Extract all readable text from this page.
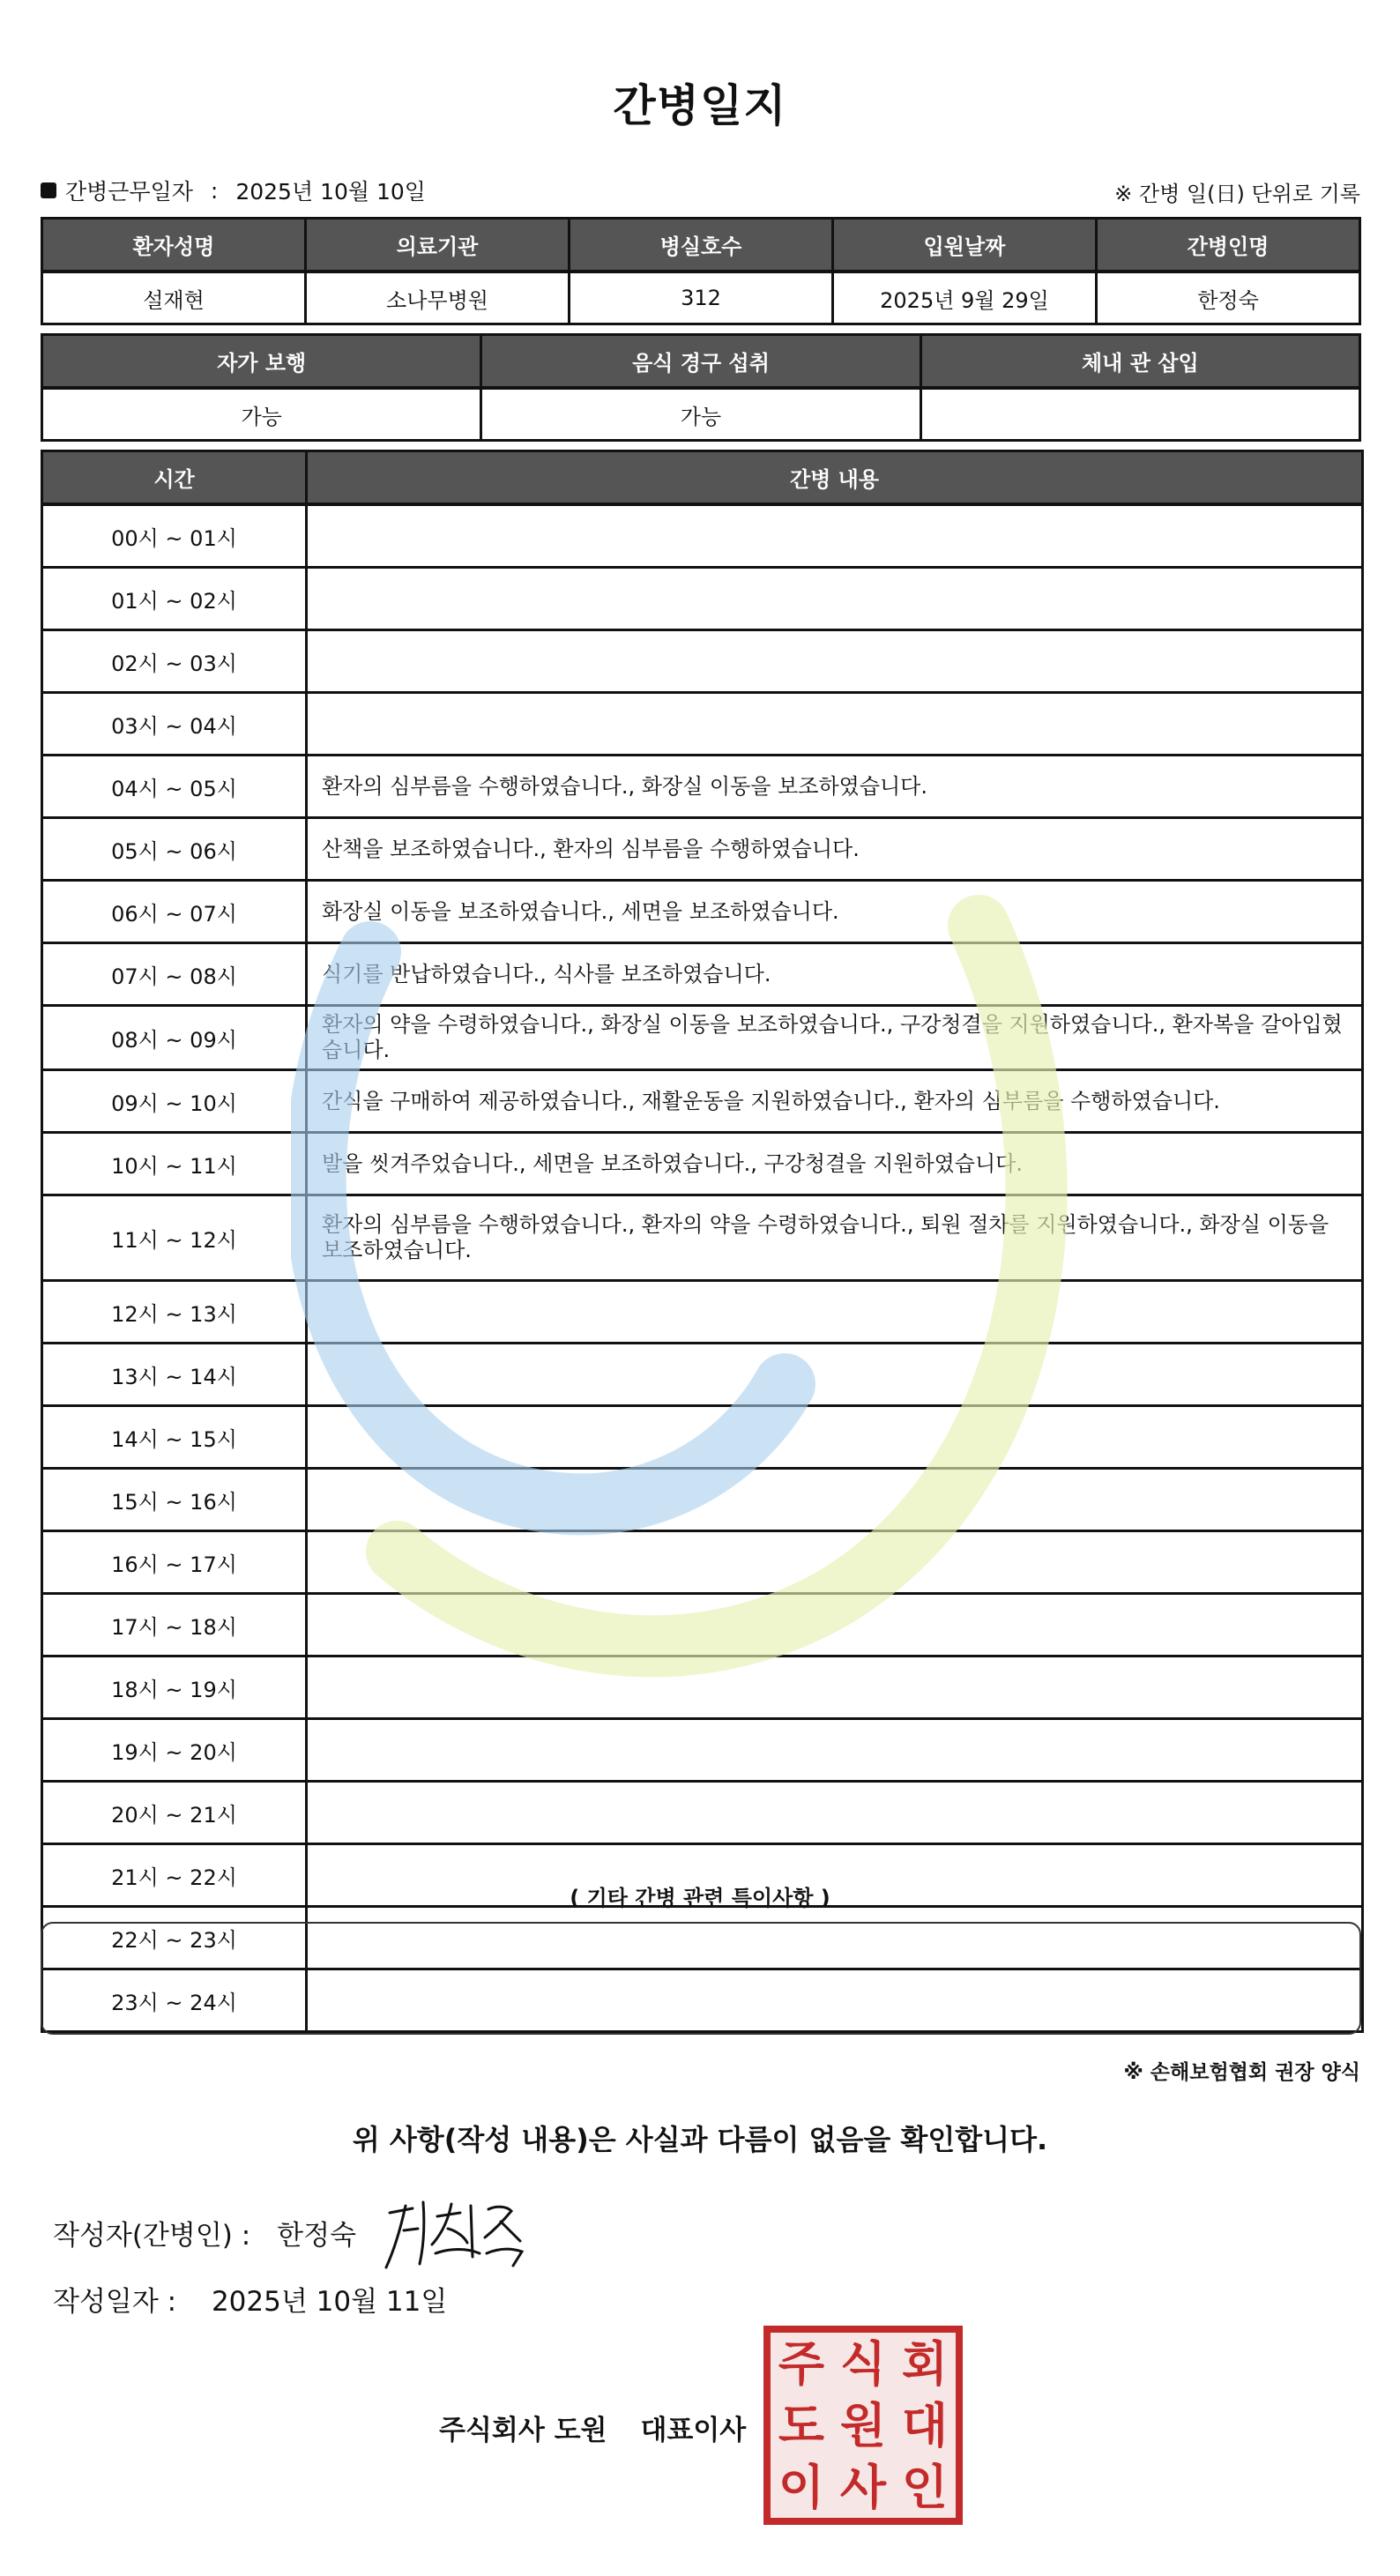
간병일지
간병근무일자 : 2025년 10월 10일	※ 간병 일(日) 단위로 기록
환자성명	의료기관	병실호수	입원날짜	간병인명
설재현	소나무병원	312	2025년 9월 29일	한정숙
자가 보행	음식 경구 섭취	체내 관 삽입
가능	가능	
시간	간병 내용
00시 ~ 01시	
01시 ~ 02시	
02시 ~ 03시	
03시 ~ 04시	
04시 ~ 05시	환자의 심부름을 수행하였습니다., 화장실 이동을 보조하였습니다.
05시 ~ 06시	산책을 보조하였습니다., 환자의 심부름을 수행하였습니다.
06시 ~ 07시	화장실 이동을 보조하였습니다., 세면을 보조하였습니다.
07시 ~ 08시	식기를 반납하였습니다., 식사를 보조하였습니다.
08시 ~ 09시	환자의 약을 수령하였습니다., 화장실 이동을 보조하였습니다., 구강청결을 지원하였습니다., 환자복을 갈아입혔습니다.
09시 ~ 10시	간식을 구매하여 제공하였습니다., 재활운동을 지원하였습니다., 환자의 심부름을 수행하였습니다.
10시 ~ 11시	발을 씻겨주었습니다., 세면을 보조하였습니다., 구강청결을 지원하였습니다.
11시 ~ 12시	환자의 심부름을 수행하였습니다., 환자의 약을 수령하였습니다., 퇴원 절차를 지원하였습니다., 화장실 이동을 보조하였습니다.
12시 ~ 13시	
13시 ~ 14시	
14시 ~ 15시	
15시 ~ 16시	
16시 ~ 17시	
17시 ~ 18시	
18시 ~ 19시	
19시 ~ 20시	
20시 ~ 21시	
21시 ~ 22시	
22시 ~ 23시	
23시 ~ 24시	
( 기타 간병 관련 특이사항 )
※ 손해보험협회 권장 양식
위 사항(작성 내용)은 사실과 다름이 없음을 확인합니다.
작성자(간병인) : 한정숙
작성일자 : 2025년 10월 11일
주식회사 도원 대표이사
주 식 회
도 원 대
이 사 인
